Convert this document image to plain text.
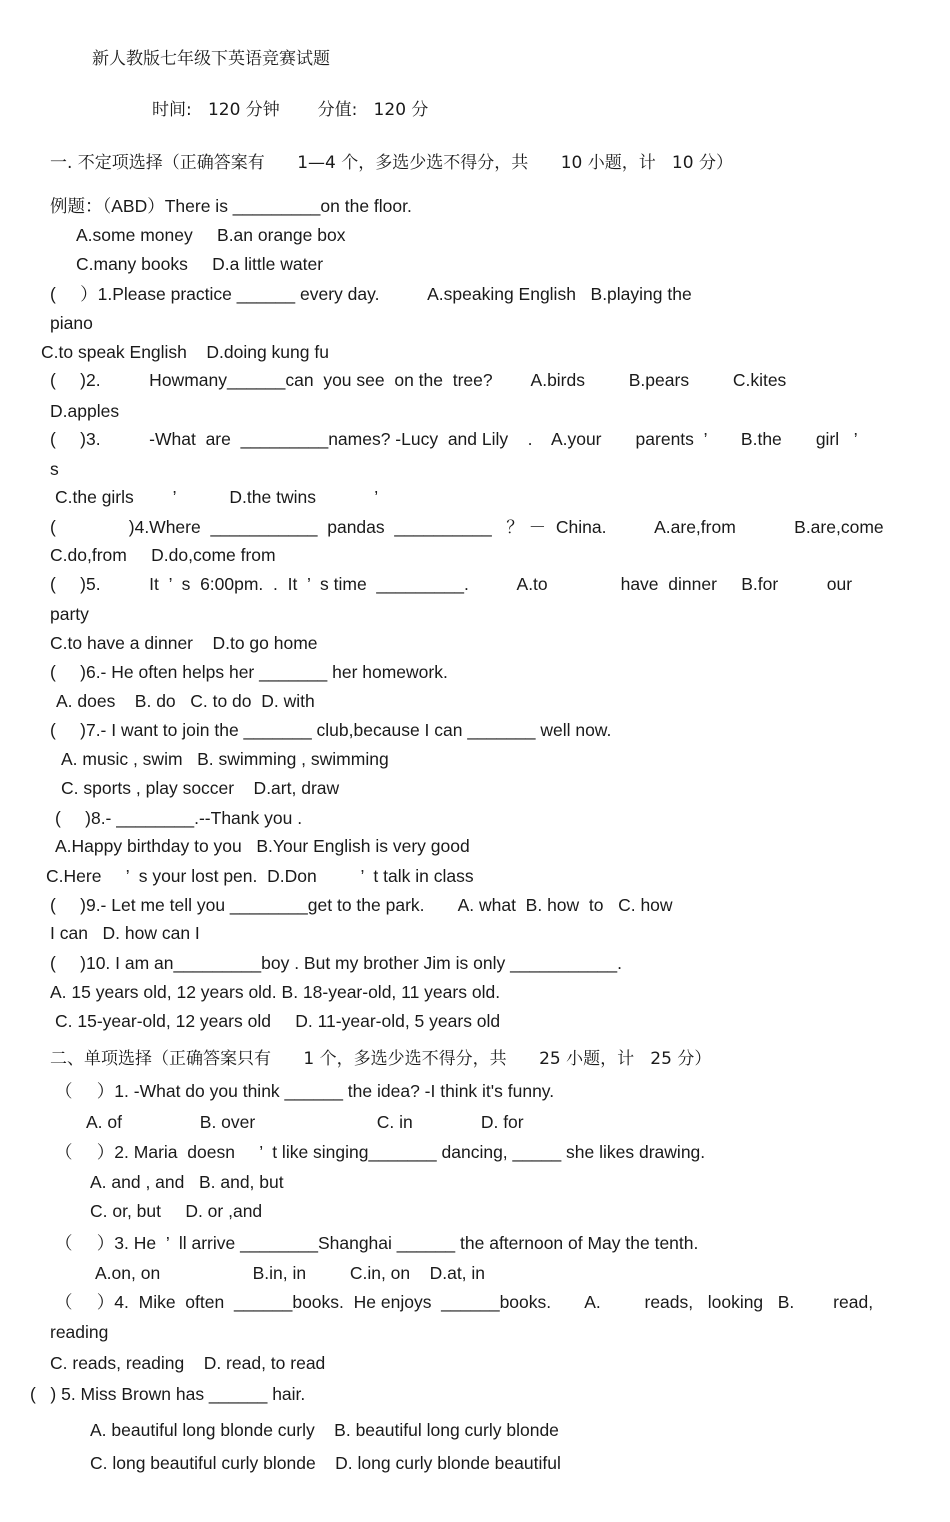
新人教版七年级下英语竞赛试题
时间:   120 分钟       分值:   120 分
一. 不定项选择（正确答案有      1—4 个，多选少选不得分，共      10 小题，计   10 分）
例题：（ABD）There is _________on the floor.
A.some money     B.an orange box
C.many books     D.a little water
(     ）1.Please practice ______ every day.          A.speaking English   B.playing the
piano
C.to speak English    D.doing kung fu
(     )2.          Howmany______can  you see  on the  tree?        A.birds         B.pears         C.kites
D.apples
(     )3.          -What  are  _________names? -Lucy  and Lily    .    A.your       parents  ’       B.the       girl   ’
s
C.the girls        ’           D.the twins            ’
(               )4.Where  ___________  pandas  __________   ？ －  China.          A.are,from            B.are,come
C.do,from     D.do,come from
(     )5.          It  ’  s  6:00pm.  .  It  ’  s time  _________.          A.to               have  dinner     B.for          our
party
C.to have a dinner    D.to go home
(     )6.- He often helps her _______ her homework.
A. does    B. do   C. to do  D. with
(     )7.- I want to join the _______ club,because I can _______ well now.
A. music , swim   B. swimming , swimming
C. sports , play soccer    D.art, draw
(     )8.- ________.--Thank you .
A.Happy birthday to you   B.Your English is very good
C.Here     ’  s your lost pen.  D.Don         ’  t talk in class
(     )9.- Let me tell you ________get to the park.       A. what  B. how  to   C. how
I can   D. how can I
(     )10. I am an_________boy . But my brother Jim is only ___________.
A. 15 years old, 12 years old. B. 18-year-old, 11 years old.
C. 15-year-old, 12 years old     D. 11-year-old, 5 years old
二、单项选择（正确答案只有      1 个，多选少选不得分，共      25 小题，计   25 分）
（     ）1. -What do you think ______ the idea? -I think it's funny.
A. of                B. over                         C. in              D. for
（     ）2. Maria  doesn     ’  t like singing_______ dancing, _____ she likes drawing.
A. and , and   B. and, but
C. or, but     D. or ,and
（     ）3. He  ’  ll arrive ________Shanghai ______ the afternoon of May the tenth.
A.on, on                   B.in, in         C.in, on    D.at, in
（     ）4.  Mike  often  ______books.  He enjoys  ______books.       A.         reads,   looking   B.        read,
reading
C. reads, reading    D. read, to read
(   ) 5. Miss Brown has ______ hair.
A. beautiful long blonde curly    B. beautiful long curly blonde
C. long beautiful curly blonde    D. long curly blonde beautiful
